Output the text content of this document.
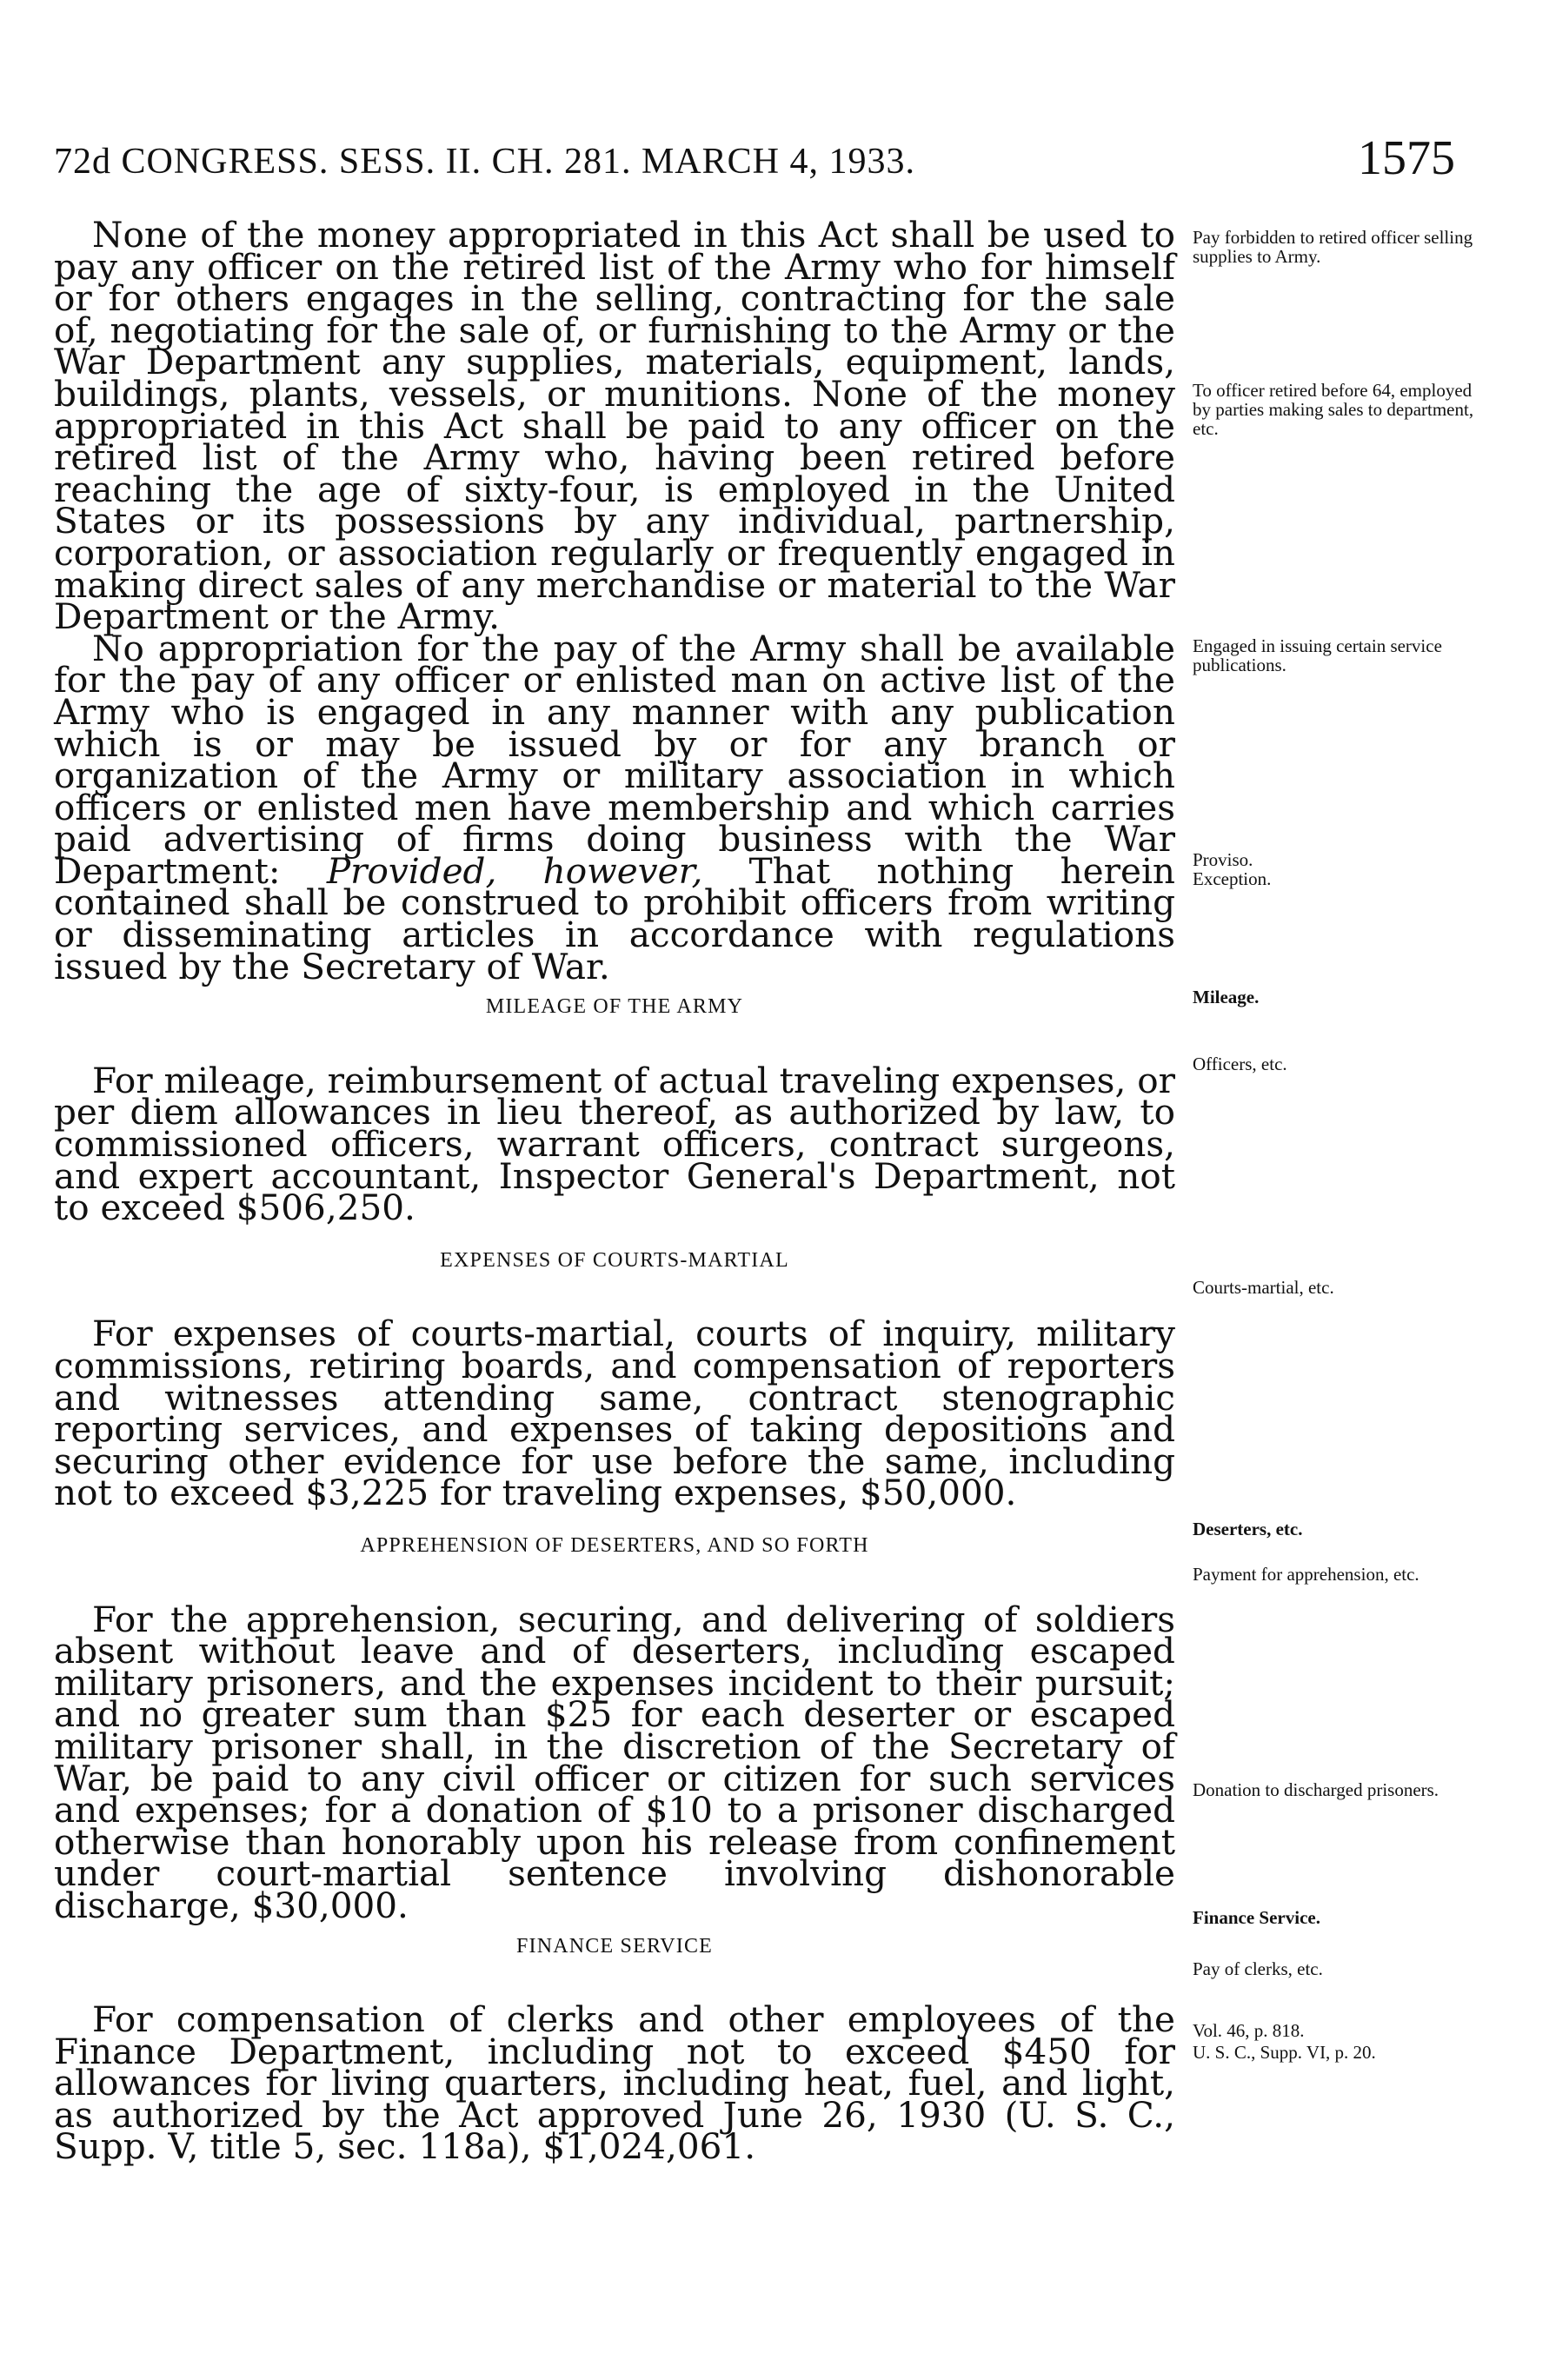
72d CONGRESS. SESS. II. CH. 281. MARCH 4, 1933.	1575

None of the money appropriated in this Act shall be used to pay any officer on the retired list of the Army who for himself or for others engages in the selling, contracting for the sale of, negotiating for the sale of, or furnishing to the Army or the War Department any supplies, materials, equipment, lands, buildings, plants, vessels, or munitions. None of the money appropriated in this Act shall be paid to any officer on the retired list of the Army who, having been retired before reaching the age of sixty-four, is employed in the United States or its possessions by any individual, partnership, corporation, or association regularly or frequently engaged in making direct sales of any merchandise or material to the War Department or the Army.

No appropriation for the pay of the Army shall be available for the pay of any officer or enlisted man on active list of the Army who is engaged in any manner with any publication which is or may be issued by or for any branch or organization of the Army or military association in which officers or enlisted men have membership and which carries paid advertising of firms doing business with the War Department: Provided, however, That nothing herein contained shall be construed to prohibit officers from writing or disseminating articles in accordance with regulations issued by the Secretary of War.

MILEAGE OF THE ARMY

For mileage, reimbursement of actual traveling expenses, or per diem allowances in lieu thereof, as authorized by law, to commissioned officers, warrant officers, contract surgeons, and expert accountant, Inspector General's Department, not to exceed $506,250.

EXPENSES OF COURTS-MARTIAL

For expenses of courts-martial, courts of inquiry, military commissions, retiring boards, and compensation of reporters and witnesses attending same, contract stenographic reporting services, and expenses of taking depositions and securing other evidence for use before the same, including not to exceed $3,225 for traveling expenses, $50,000.

APPREHENSION OF DESERTERS, AND SO FORTH

For the apprehension, securing, and delivering of soldiers absent without leave and of deserters, including escaped military prisoners, and the expenses incident to their pursuit; and no greater sum than $25 for each deserter or escaped military prisoner shall, in the discretion of the Secretary of War, be paid to any civil officer or citizen for such services and expenses; for a donation of $10 to a prisoner discharged otherwise than honorably upon his release from confinement under court-martial sentence involving dishonorable discharge, $30,000.

FINANCE SERVICE

For compensation of clerks and other employees of the Finance Department, including not to exceed $450 for allowances for living quarters, including heat, fuel, and light, as authorized by the Act approved June 26, 1930 (U. S. C., Supp. V, title 5, sec. 118a), $1,024,061.

Pay forbidden to retired officer selling supplies to Army.
To officer retired before 64, employed by parties making sales to department, etc.
Engaged in issuing certain service publications.
Proviso.
Exception.
Mileage.
Officers, etc.
Courts-martial, etc.
Deserters, etc.
Payment for apprehension, etc.
Donation to discharged prisoners.
Finance Service.
Pay of clerks, etc.
Vol. 46, p. 818.
U. S. C., Supp. VI, p. 20.
